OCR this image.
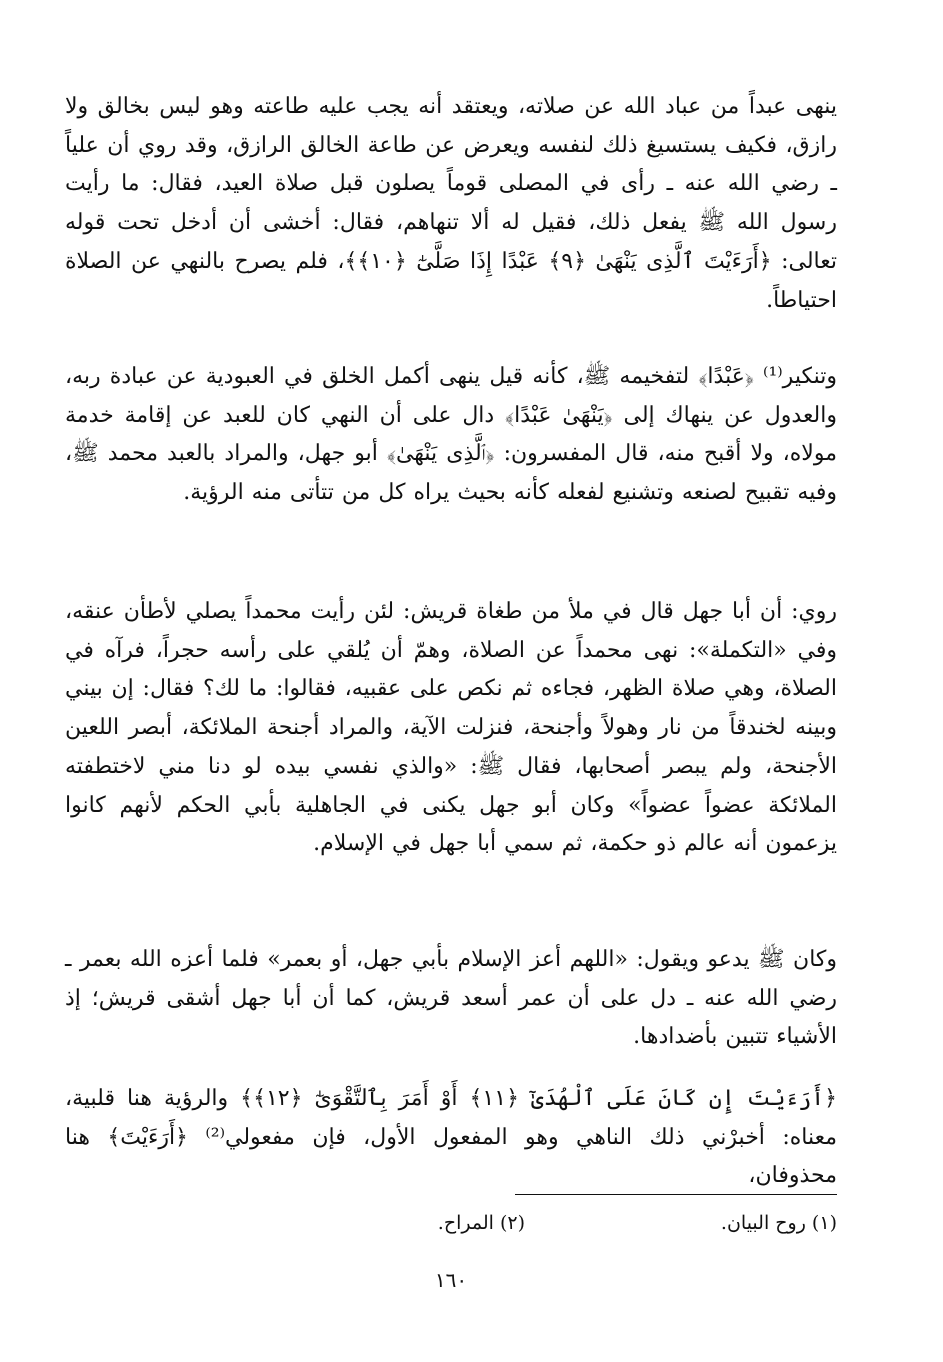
ينهى عبداً من عباد الله عن صلاته، ويعتقد أنه يجب عليه طاعته وهو ليس بخالق ولا رازق، فكيف يستسيغ ذلك لنفسه ويعرض عن طاعة الخالق الرازق، وقد روي أن علياً ـ رضي الله عنه ـ رأى في المصلى قوماً يصلون قبل صلاة العيد، فقال: ما رأيت رسول الله ﷺ يفعل ذلك، فقيل له ألا تنهاهم، فقال: أخشى أن أدخل تحت قوله تعالى: ﴿أَرَءَيْتَ ٱلَّذِى يَنْهَىٰ ﴿٩﴾ عَبْدًا إِذَا صَلَّىٰٓ ﴿١٠﴾﴾، فلم يصرح بالنهي عن الصلاة احتياطاً.

وتنكير⁽¹⁾ ﴿عَبْدًا﴾ لتفخيمه ﷺ، كأنه قيل ينهى أكمل الخلق في العبودية عن عبادة ربه، والعدول عن ينهاك إلى ﴿يَنْهَىٰ عَبْدًا﴾ دال على أن النهي كان للعبد عن إقامة خدمة مولاه، ولا أقبح منه، قال المفسرون: ﴿ٱلَّذِى يَنْهَىٰ﴾ أبو جهل، والمراد بالعبد محمد ﷺ، وفيه تقبيح لصنعه وتشنيع لفعله كأنه بحيث يراه كل من تتأتى منه الرؤية.

روي: أن أبا جهل قال في ملأ من طغاة قريش: لئن رأيت محمداً يصلي لأطأن عنقه، وفي «التكملة»: نهى محمداً عن الصلاة، وهمّ أن يُلقي على رأسه حجراً، فرآه في الصلاة، وهي صلاة الظهر، فجاءه ثم نكص على عقبيه، فقالوا: ما لك؟ فقال: إن بيني وبينه لخندقاً من نار وهولاً وأجنحة، فنزلت الآية، والمراد أجنحة الملائكة، أبصر اللعين الأجنحة، ولم يبصر أصحابها، فقال ﷺ: «والذي نفسي بيده لو دنا مني لاختطفته الملائكة عضواً عضواً» وكان أبو جهل يكنى في الجاهلية بأبي الحكم لأنهم كانوا يزعمون أنه عالم ذو حكمة، ثم سمي أبا جهل في الإسلام.

وكان ﷺ يدعو ويقول: «اللهم أعز الإسلام بأبي جهل، أو بعمر» فلما أعزه الله بعمر ـ رضي الله عنه ـ دل على أن عمر أسعد قريش، كما أن أبا جهل أشقى قريش؛ إذ الأشياء تتبين بأضدادها.

﴿أَرَءَيْتَ إِن كَانَ عَلَى ٱلْهُدَىٰٓ ﴿١١﴾ أَوْ أَمَرَ بِٱلتَّقْوَىٰٓ ﴿١٢﴾﴾ والرؤية هنا قلبية، معناه: أخبرْني ذلك الناهي وهو المفعول الأول، فإن مفعولي⁽²⁾ ﴿أَرَءَيْتَ﴾ هنا محذوفان،

(١) روح البيان.
(٢) المراح.
١٦٠
